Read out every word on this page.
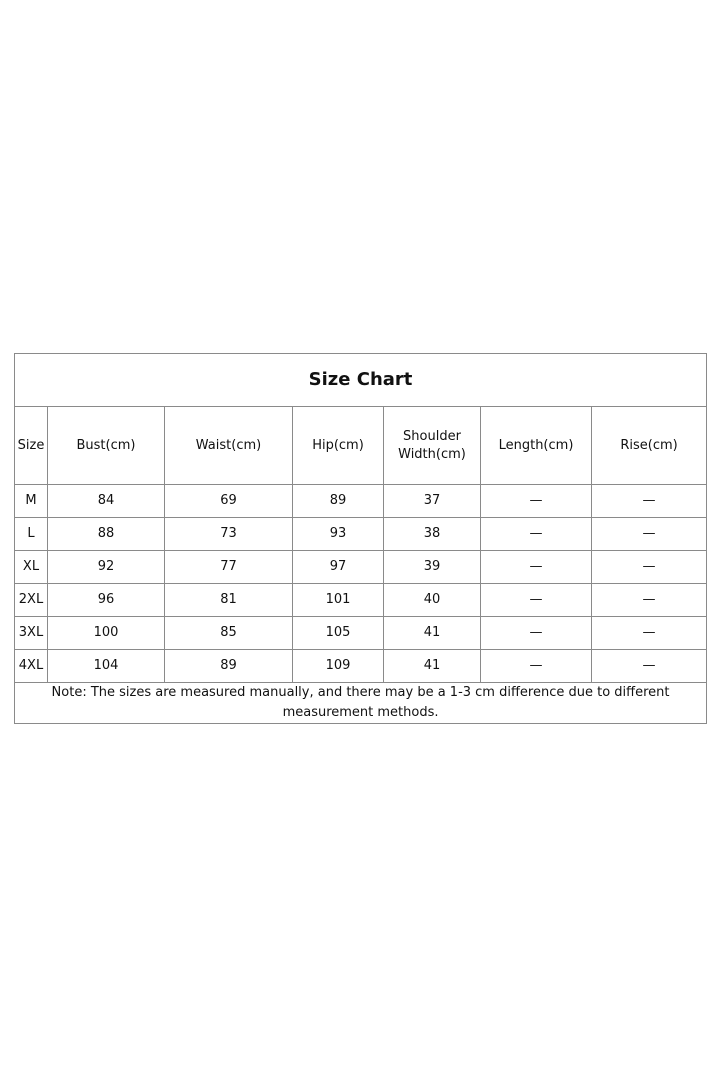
Size Chart						
Size	Bust(cm)	Waist(cm)	Hip(cm)	Shoulder Width(cm)	Length(cm)	Rise(cm)
M	84	69	89	37	—	—
L	88	73	93	38	—	—
XL	92	77	97	39	—	—
2XL	96	81	101	40	—	—
3XL	100	85	105	41	—	—
4XL	104	89	109	41	—	—
Note: The sizes are measured manually, and there may be a 1-3 cm difference due to different measurement methods.						
